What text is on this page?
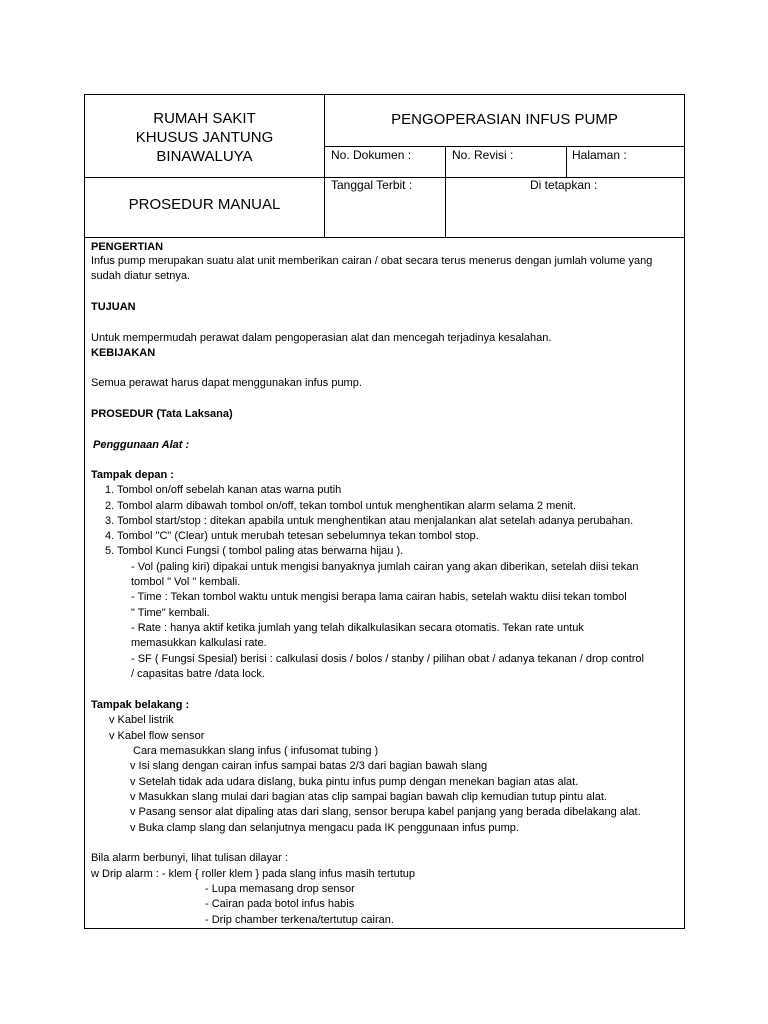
RUMAH SAKIT
KHUSUS JANTUNG
BINAWALUYA
PENGOPERASIAN INFUS PUMP
No. Dokumen :	No. Revisi :	Halaman :
PROSEDUR MANUAL
Tanggal Terbit :	Di tetapkan :
PENGERTIAN
Infus pump merupakan suatu alat unit memberikan cairan / obat secara terus menerus dengan jumlah volume yang
sudah diatur setnya.
TUJUAN
Untuk mempermudah perawat dalam pengoperasian alat dan mencegah terjadinya kesalahan.
KEBIJAKAN
Semua perawat harus dapat menggunakan infus pump.
PROSEDUR (Tata Laksana)
Penggunaan Alat :
Tampak depan :
1. Tombol on/off sebelah kanan atas warna putih
2. Tombol alarm dibawah tombol on/off, tekan tombol untuk menghentikan alarm selama 2 menit.
3. Tombol start/stop : ditekan apabila untuk menghentikan atau menjalankan alat setelah adanya perubahan.
4. Tombol "C" (Clear) untuk merubah tetesan sebelumnya tekan tombol stop.
5. Tombol Kunci Fungsi ( tombol paling atas berwarna hijau ).
- Vol (paling kiri) dipakai untuk mengisi banyaknya jumlah cairan yang akan diberikan, setelah diisi tekan
tombol " Vol " kembali.
- Time : Tekan tombol waktu untuk mengisi berapa lama cairan habis, setelah waktu diisi tekan tombol
" Time" kembali.
- Rate : hanya aktif ketika jumlah yang telah dikalkulasikan secara otomatis. Tekan rate untuk
memasukkan kalkulasi rate.
- SF ( Fungsi Spesial) berisi : calkulasi dosis / bolos / stanby / pilihan obat / adanya tekanan / drop control
/ capasitas batre /data lock.
Tampak belakang :
v Kabel listrik
v Kabel flow sensor
Cara memasukkan slang infus ( infusomat tubing )
v Isi slang dengan cairan infus sampai batas 2/3 dari bagian bawah slang
v Setelah tidak ada udara dislang, buka pintu infus pump dengan menekan bagian atas alat.
v Masukkan slang mulai dari bagian atas clip sampai bagian bawah clip kemudian tutup pintu alat.
v Pasang sensor alat dipaling atas dari slang, sensor berupa kabel panjang yang berada dibelakang alat.
v Buka clamp slang dan selanjutnya mengacu pada IK penggunaan infus pump.
Bila alarm berbunyi, lihat tulisan dilayar :
w Drip alarm : - klem { roller klem } pada slang infus masih tertutup
- Lupa memasang drop sensor
- Cairan pada botol infus habis
- Drip chamber terkena/tertutup cairan.
